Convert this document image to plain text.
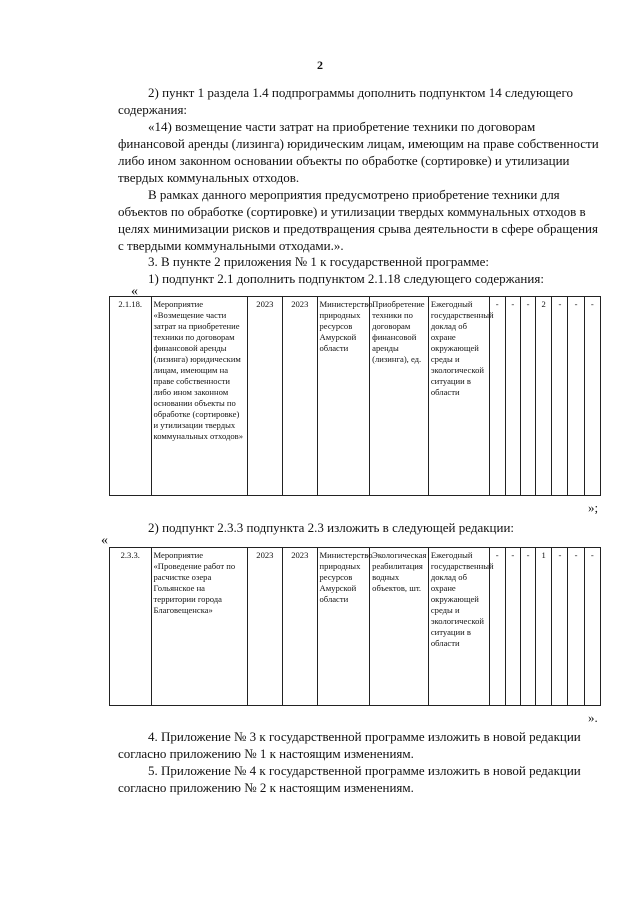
2

2) пункт 1 раздела 1.4 подпрограммы дополнить подпунктом 14 следующего содержания:

«14) возмещение части затрат на приобретение техники по договорам финансовой аренды (лизинга) юридическим лицам, имеющим на праве собственности либо ином законном основании объекты по обработке (сортировке) и утилизации твердых коммунальных отходов.

В рамках данного мероприятия предусмотрено приобретение техники для объектов по обработке (сортировке) и утилизации твердых коммунальных отходов в целях минимизации рисков и предотвращения срыва деятельности в сфере обращения с твердыми коммунальными отходами.».

3. В пункте 2 приложения № 1 к государственной программе:

1) подпункт 2.1 дополнить подпунктом 2.1.18 следующего содержания:

«
2.1.18.	Мероприятие «Возмещение части затрат на приобретение техники по договорам финансовой аренды (лизинга) юридическим лицам, имеющим на праве собственности либо ином законном основании объекты по обработке (сортировке) и утилизации твердых коммунальных отходов»	2023	2023	Министерство природных ресурсов Амурской области	Приобретение техники по договорам финансовой аренды (лизинга), ед.	Ежегодный государственный доклад об охране окружающей среды и экологической ситуации в области	-	-	-	2	-	-	-
»;

2) подпункт 2.3.3 подпункта 2.3 изложить в следующей редакции:

«
2.3.3.	Мероприятие «Проведение работ по расчистке озера Гольянское на территории города Благовещенска»	2023	2023	Министерство природных ресурсов Амурской области	Экологическая реабилитация водных объектов, шт.	Ежегодный государственный доклад об охране окружающей среды и экологической ситуации в области	-	-	-	1	-	-	-
».

4. Приложение № 3 к государственной программе изложить в новой редакции согласно приложению № 1 к настоящим изменениям.

5. Приложение № 4 к государственной программе изложить в новой редакции согласно приложению № 2 к настоящим изменениям.
